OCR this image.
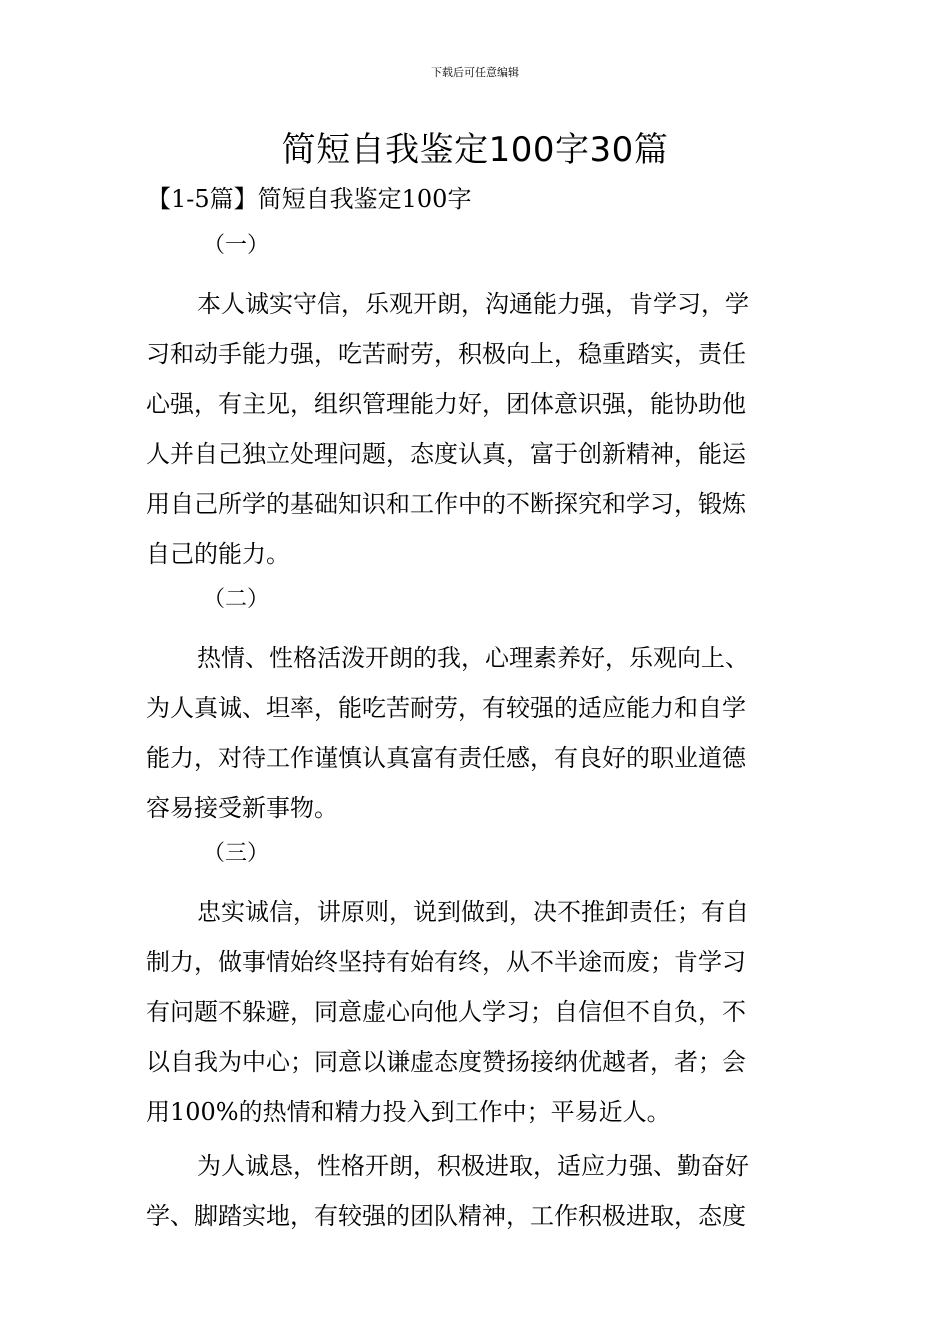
下载后可任意编辑
简短自我鉴定100字30篇
【1-5篇】简短自我鉴定100字
（一）
本人诚实守信，乐观开朗，沟通能力强，肯学习，学
习和动手能力强，吃苦耐劳，积极向上，稳重踏实，责任
心强，有主见，组织管理能力好，团体意识强，能协助他
人并自己独立处理问题，态度认真，富于创新精神，能运
用自己所学的基础知识和工作中的不断探究和学习，锻炼
自己的能力。
（二）
热情、性格活泼开朗的我，心理素养好，乐观向上、
为人真诚、坦率，能吃苦耐劳，有较强的适应能力和自学
能力，对待工作谨慎认真富有责任感，有良好的职业道德
容易接受新事物。
（三）
忠实诚信，讲原则，说到做到，决不推卸责任；有自
制力，做事情始终坚持有始有终，从不半途而废；肯学习
有问题不躲避，同意虚心向他人学习；自信但不自负，不
以自我为中心；同意以谦虚态度赞扬接纳优越者，者；会
用100%的热情和精力投入到工作中；平易近人。
为人诚恳，性格开朗，积极进取，适应力强、勤奋好
学、脚踏实地，有较强的团队精神，工作积极进取，态度
